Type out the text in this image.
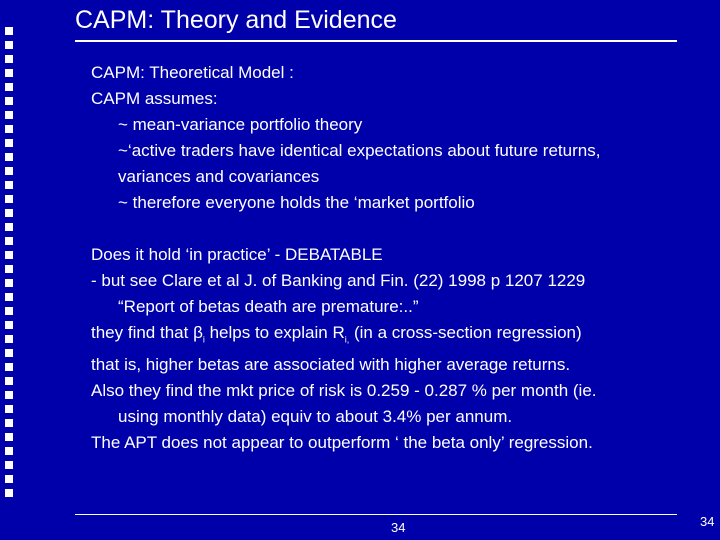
CAPM: Theory and Evidence
CAPM: Theoretical Model :
CAPM assumes:
~ mean-variance portfolio theory
~‘active traders have identical expectations about future returns,
variances and covariances
~ therefore everyone holds the ‘market portfolio
Does it hold ‘in practice’ - DEBATABLE
- but see Clare et al J. of Banking and Fin. (22) 1998 p 1207 1229
“Report of betas death are premature:..”
they find that $\beta_i$ helps to explain $R_{i,}$ (in a cross-section regression)
that is, higher betas are associated with higher average returns.
Also they find the mkt price of risk is 0.259 - 0.287 % per month (ie.
using monthly data) equiv to about 3.4% per annum.
The APT does not appear to outperform ‘ the beta only’ regression.
34	34
